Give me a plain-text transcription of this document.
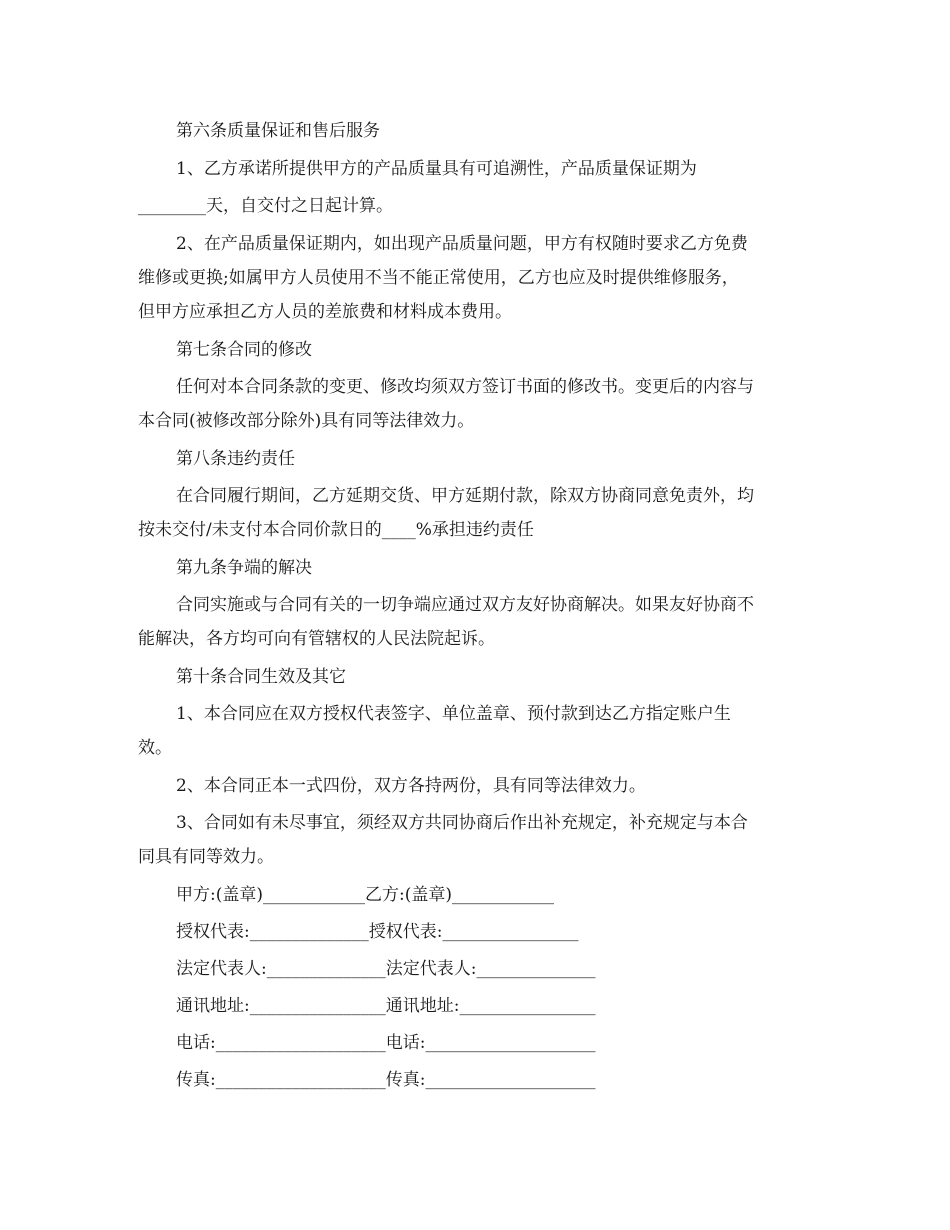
第六条质量保证和售后服务
1、乙方承诺所提供甲方的产品质量具有可追溯性，产品质量保证期为
________天，自交付之日起计算。
2、在产品质量保证期内，如出现产品质量问题，甲方有权随时要求乙方免费
维修或更换;如属甲方人员使用不当不能正常使用，乙方也应及时提供维修服务，
但甲方应承担乙方人员的差旅费和材料成本费用。
第七条合同的修改
任何对本合同条款的变更、修改均须双方签订书面的修改书。变更后的内容与
本合同(被修改部分除外)具有同等法律效力。
第八条违约责任
在合同履行期间，乙方延期交货、甲方延期付款，除双方协商同意免责外，均
按未交付/未支付本合同价款日的____%承担违约责任
第九条争端的解决
合同实施或与合同有关的一切争端应通过双方友好协商解决。如果友好协商不
能解决，各方均可向有管辖权的人民法院起诉。
第十条合同生效及其它
1、本合同应在双方授权代表签字、单位盖章、预付款到达乙方指定账户生
效。
2、本合同正本一式四份，双方各持两份，具有同等法律效力。
3、合同如有未尽事宜，须经双方共同协商后作出补充规定，补充规定与本合
同具有同等效力。
甲方:(盖章)____________乙方:(盖章)____________
授权代表:______________授权代表:________________
法定代表人:______________法定代表人:______________
通讯地址:________________通讯地址:________________
电话:____________________电话:____________________
传真:____________________传真:____________________
